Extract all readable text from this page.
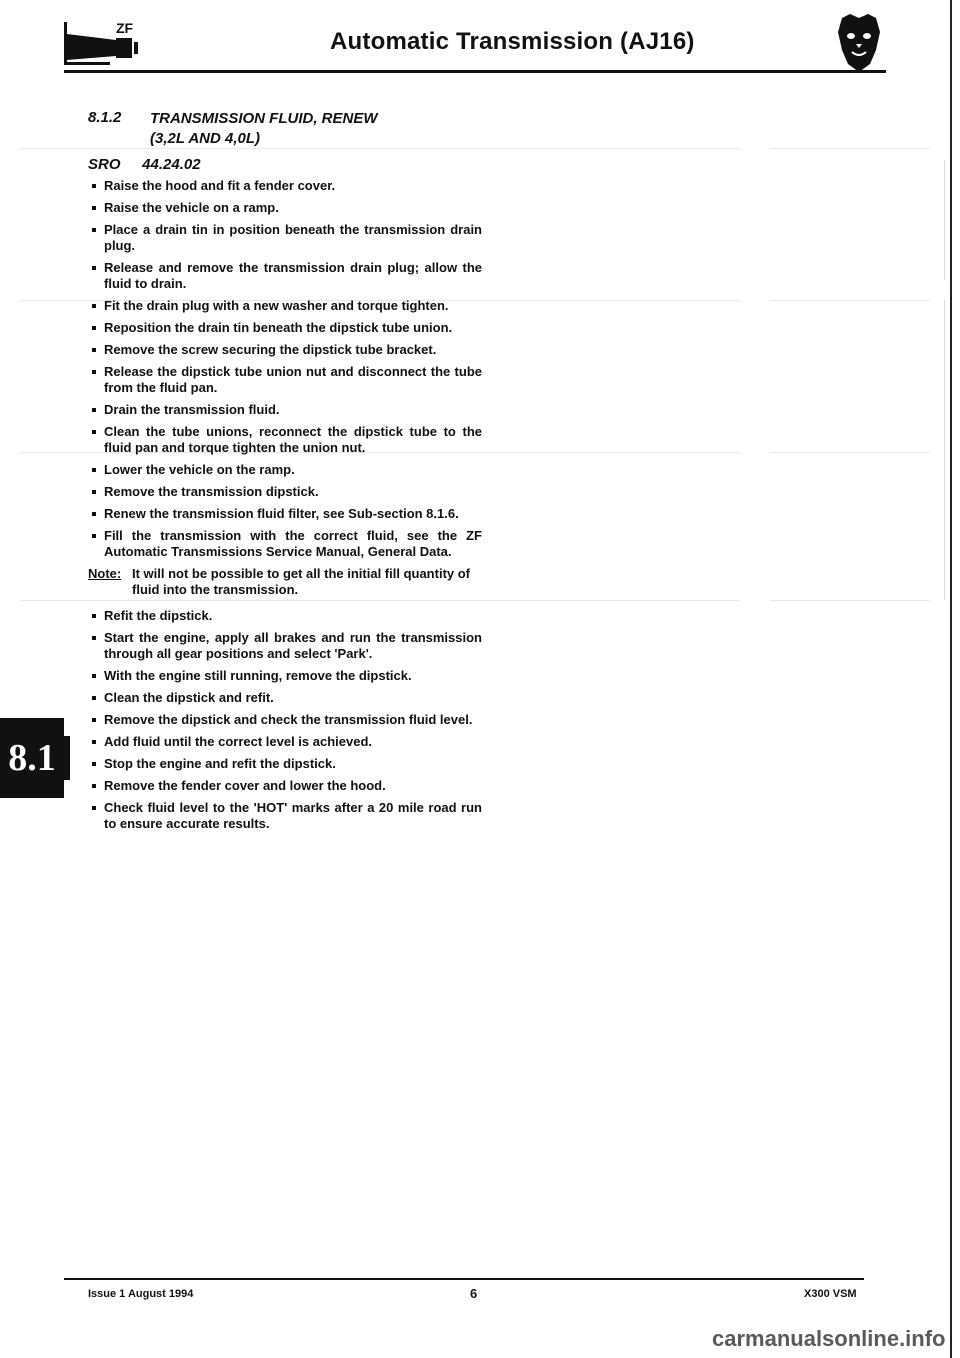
ZF	Automatic Transmission (AJ16)
8.1.2 TRANSMISSION FLUID, RENEW
(3,2L AND 4,0L)
SRO 44.24.02
Raise the hood and fit a fender cover.
Raise the vehicle on a ramp.
Place a drain tin in position beneath the transmission drain plug.
Release and remove the transmission drain plug; allow the fluid to drain.
Fit the drain plug with a new washer and torque tighten.
Reposition the drain tin beneath the dipstick tube union.
Remove the screw securing the dipstick tube bracket.
Release the dipstick tube union nut and disconnect the tube from the fluid pan.
Drain the transmission fluid.
Clean the tube unions, reconnect the dipstick tube to the fluid pan and torque tighten the union nut.
Lower the vehicle on the ramp.
Remove the transmission dipstick.
Renew the transmission fluid filter, see Sub-section 8.1.6.
Fill the transmission with the correct fluid, see the ZF Automatic Transmissions Service Manual, General Data.
Note: It will not be possible to get all the initial fill quantity of fluid into the transmission.
Refit the dipstick.
Start the engine, apply all brakes and run the transmission through all gear positions and select 'Park'.
With the engine still running, remove the dipstick.
Clean the dipstick and refit.
Remove the dipstick and check the transmission fluid level.
Add fluid until the correct level is achieved.
Stop the engine and refit the dipstick.
Remove the fender cover and lower the hood.
Check fluid level to the 'HOT' marks after a 20 mile road run to ensure accurate results.
8.1
Issue 1 August 1994	6	X300 VSM
carmanualsonline.info
